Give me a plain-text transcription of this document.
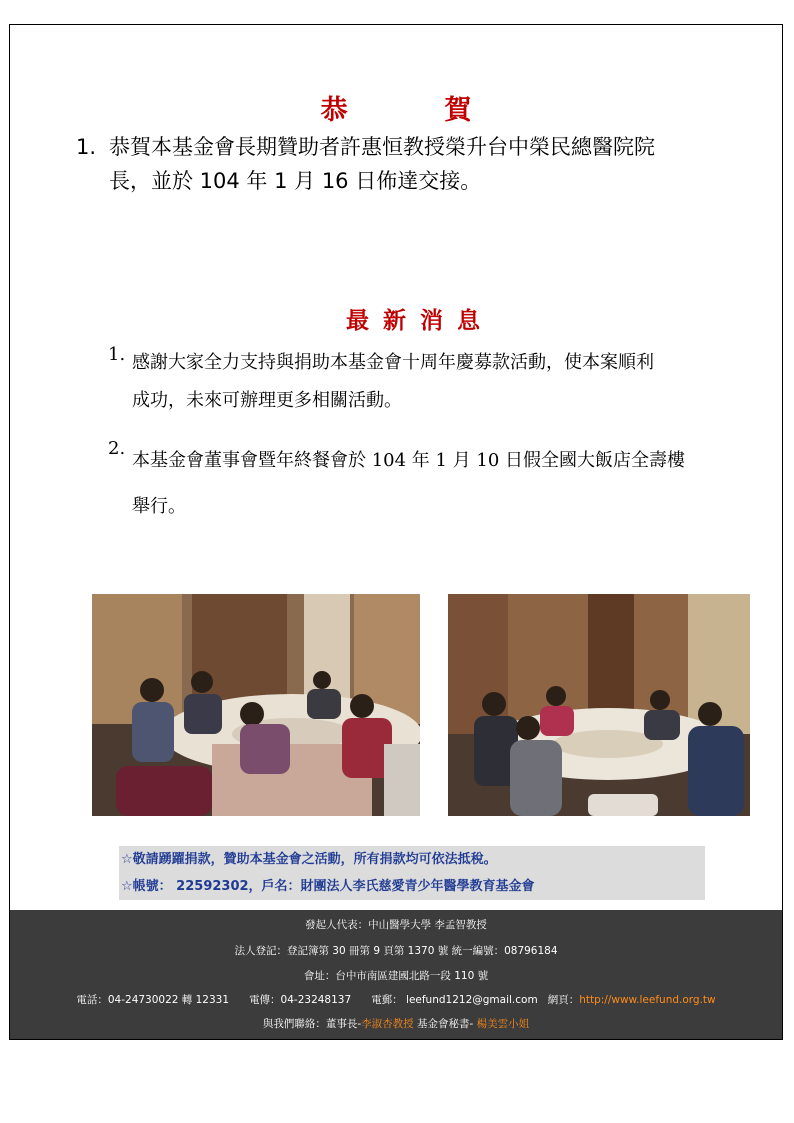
恭	賀
1. 恭賀本基金會長期贊助者許惠恒教授榮升台中榮民總醫院院
長，並於 104 年 1 月 16 日佈達交接。
最 新 消 息
1. 感謝大家全力支持與捐助本基金會十周年慶募款活動，使本案順利
成功，未來可辦理更多相關活動。
2.
本基金會董事會暨年終餐會於 104 年 1 月 10 日假全國大飯店全壽樓
舉行。
☆敬請踴躍捐款，贊助本基金會之活動，所有捐款均可依法抵稅。
☆帳號： 22592302，戶名：財團法人李氏慈愛青少年醫學教育基金會
發起人代表：中山醫學大學 李孟智教授
法人登記：登記簿第 30 冊第 9 頁第 1370 號 統一編號：08796184
會址：台中市南區建國北路一段 110 號
電話：04-24730022 轉 12331 電傳：04-23248137 電郵： leefund1212@gmail.com 網頁：http://www.leefund.org.tw
與我們聯絡：董事長-李淑杏教授 基金會秘書- 楊美雲小姐
